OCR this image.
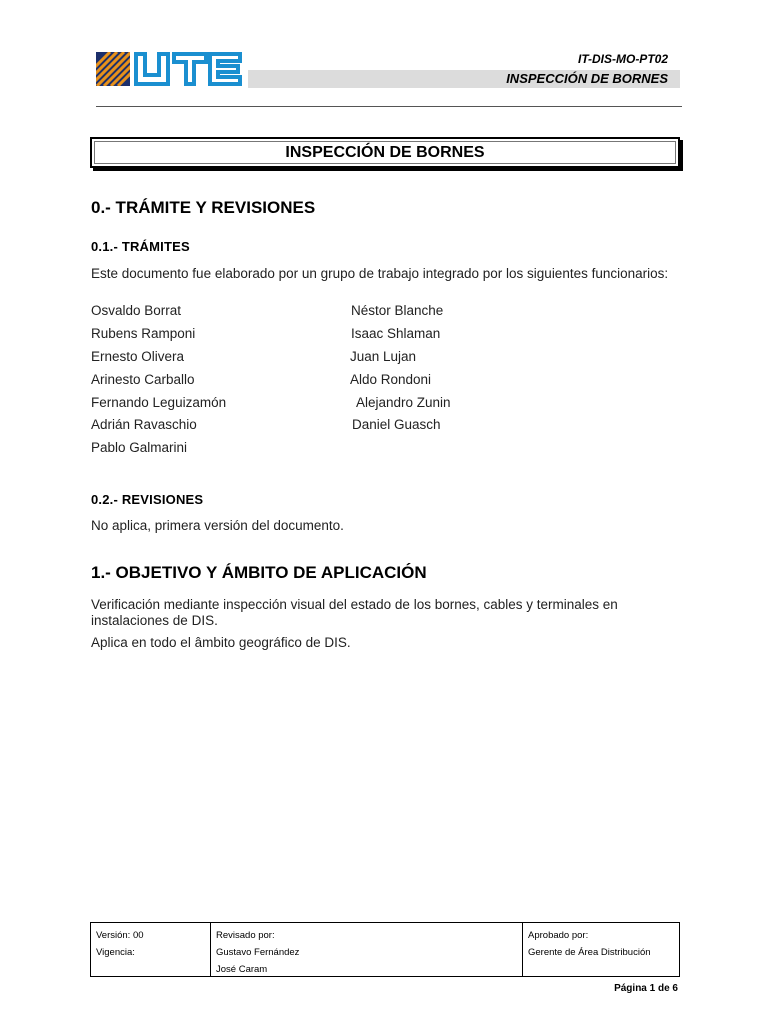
IT-DIS-MO-PT02
INSPECCIÓN DE BORNES
INSPECCIÓN DE BORNES
0.- TRÁMITE Y REVISIONES
0.1.- TRÁMITES
Este documento fue elaborado por un grupo de trabajo integrado por los siguientes funcionarios:
Osvaldo Borrat
Rubens Ramponi
Ernesto Olivera
Arinesto Carballo
Fernando Leguizamón
Adrián Ravaschio
Pablo Galmarini
Néstor Blanche
Isaac Shlaman
Juan Lujan
Aldo Rondoni
Alejandro Zunin
Daniel Guasch
0.2.- REVISIONES
No aplica, primera versión del documento.
1.- OBJETIVO Y ÁMBITO DE APLICACIÓN
Verificación mediante inspección visual del estado de los bornes, cables y terminales en instalaciones de DIS.
Aplica en todo el âmbito geográfico de DIS.
Versión: 00
Vigencia:
Revisado por:
Gustavo Fernández
José Caram
Aprobado por:
Gerente de Área Distribución
Página 1 de 6
